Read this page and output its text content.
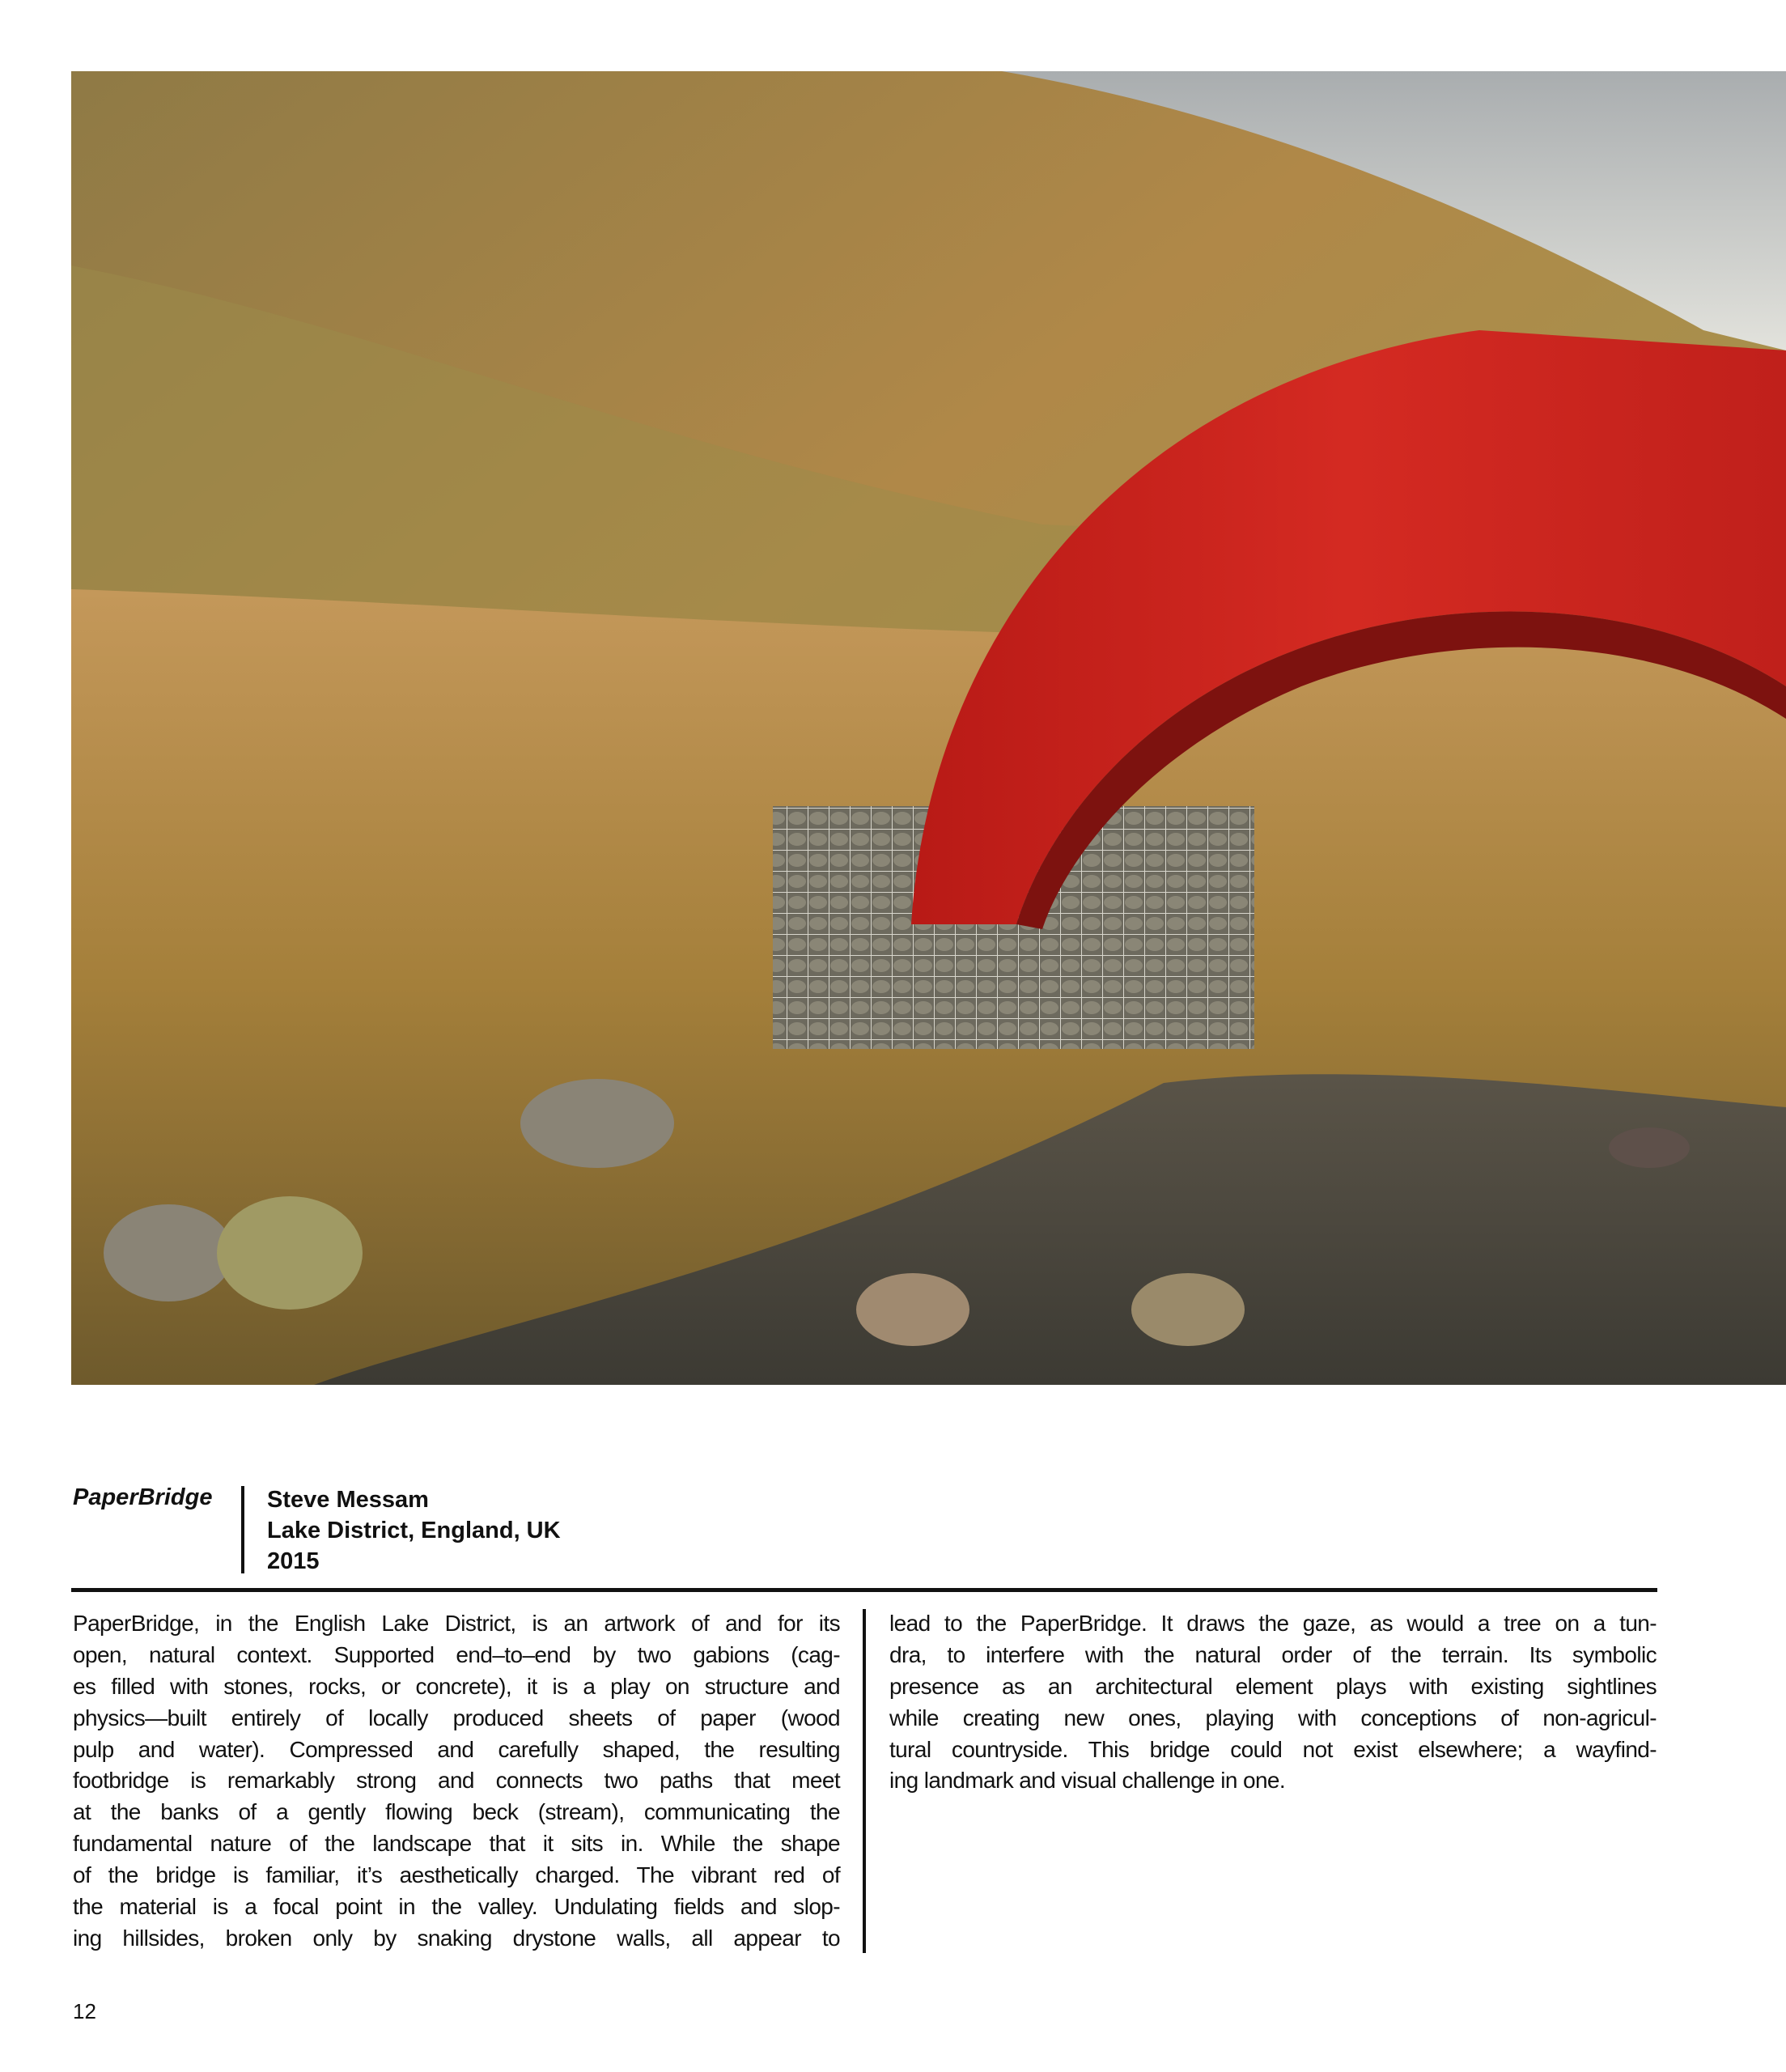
PaperBridge Steve Messam
Lake District, England, UK
2015
PaperBridge, in the English Lake District, is an artwork of and for its
open, natural context. Supported end–to–end by two gabions (cag-
es filled with stones, rocks, or concrete), it is a play on structure and
physics—built entirely of locally produced sheets of paper (wood
pulp and water). Compressed and carefully shaped, the resulting
footbridge is remarkably strong and connects two paths that meet
at the banks of a gently flowing beck (stream), communicating the
fundamental nature of the landscape that it sits in. While the shape
of the bridge is familiar, it’s aesthetically charged. The vibrant red of
the material is a focal point in the valley. Undulating fields and slop-
ing hillsides, broken only by snaking drystone walls, all appear to
lead to the PaperBridge. It draws the gaze, as would a tree on a tun-
dra, to interfere with the natural order of the terrain. Its symbolic
presence as an architectural element plays with existing sightlines
while creating new ones, playing with conceptions of non-agricul-
tural countryside. This bridge could not exist elsewhere; a wayfind-
ing landmark and visual challenge in one.
12
